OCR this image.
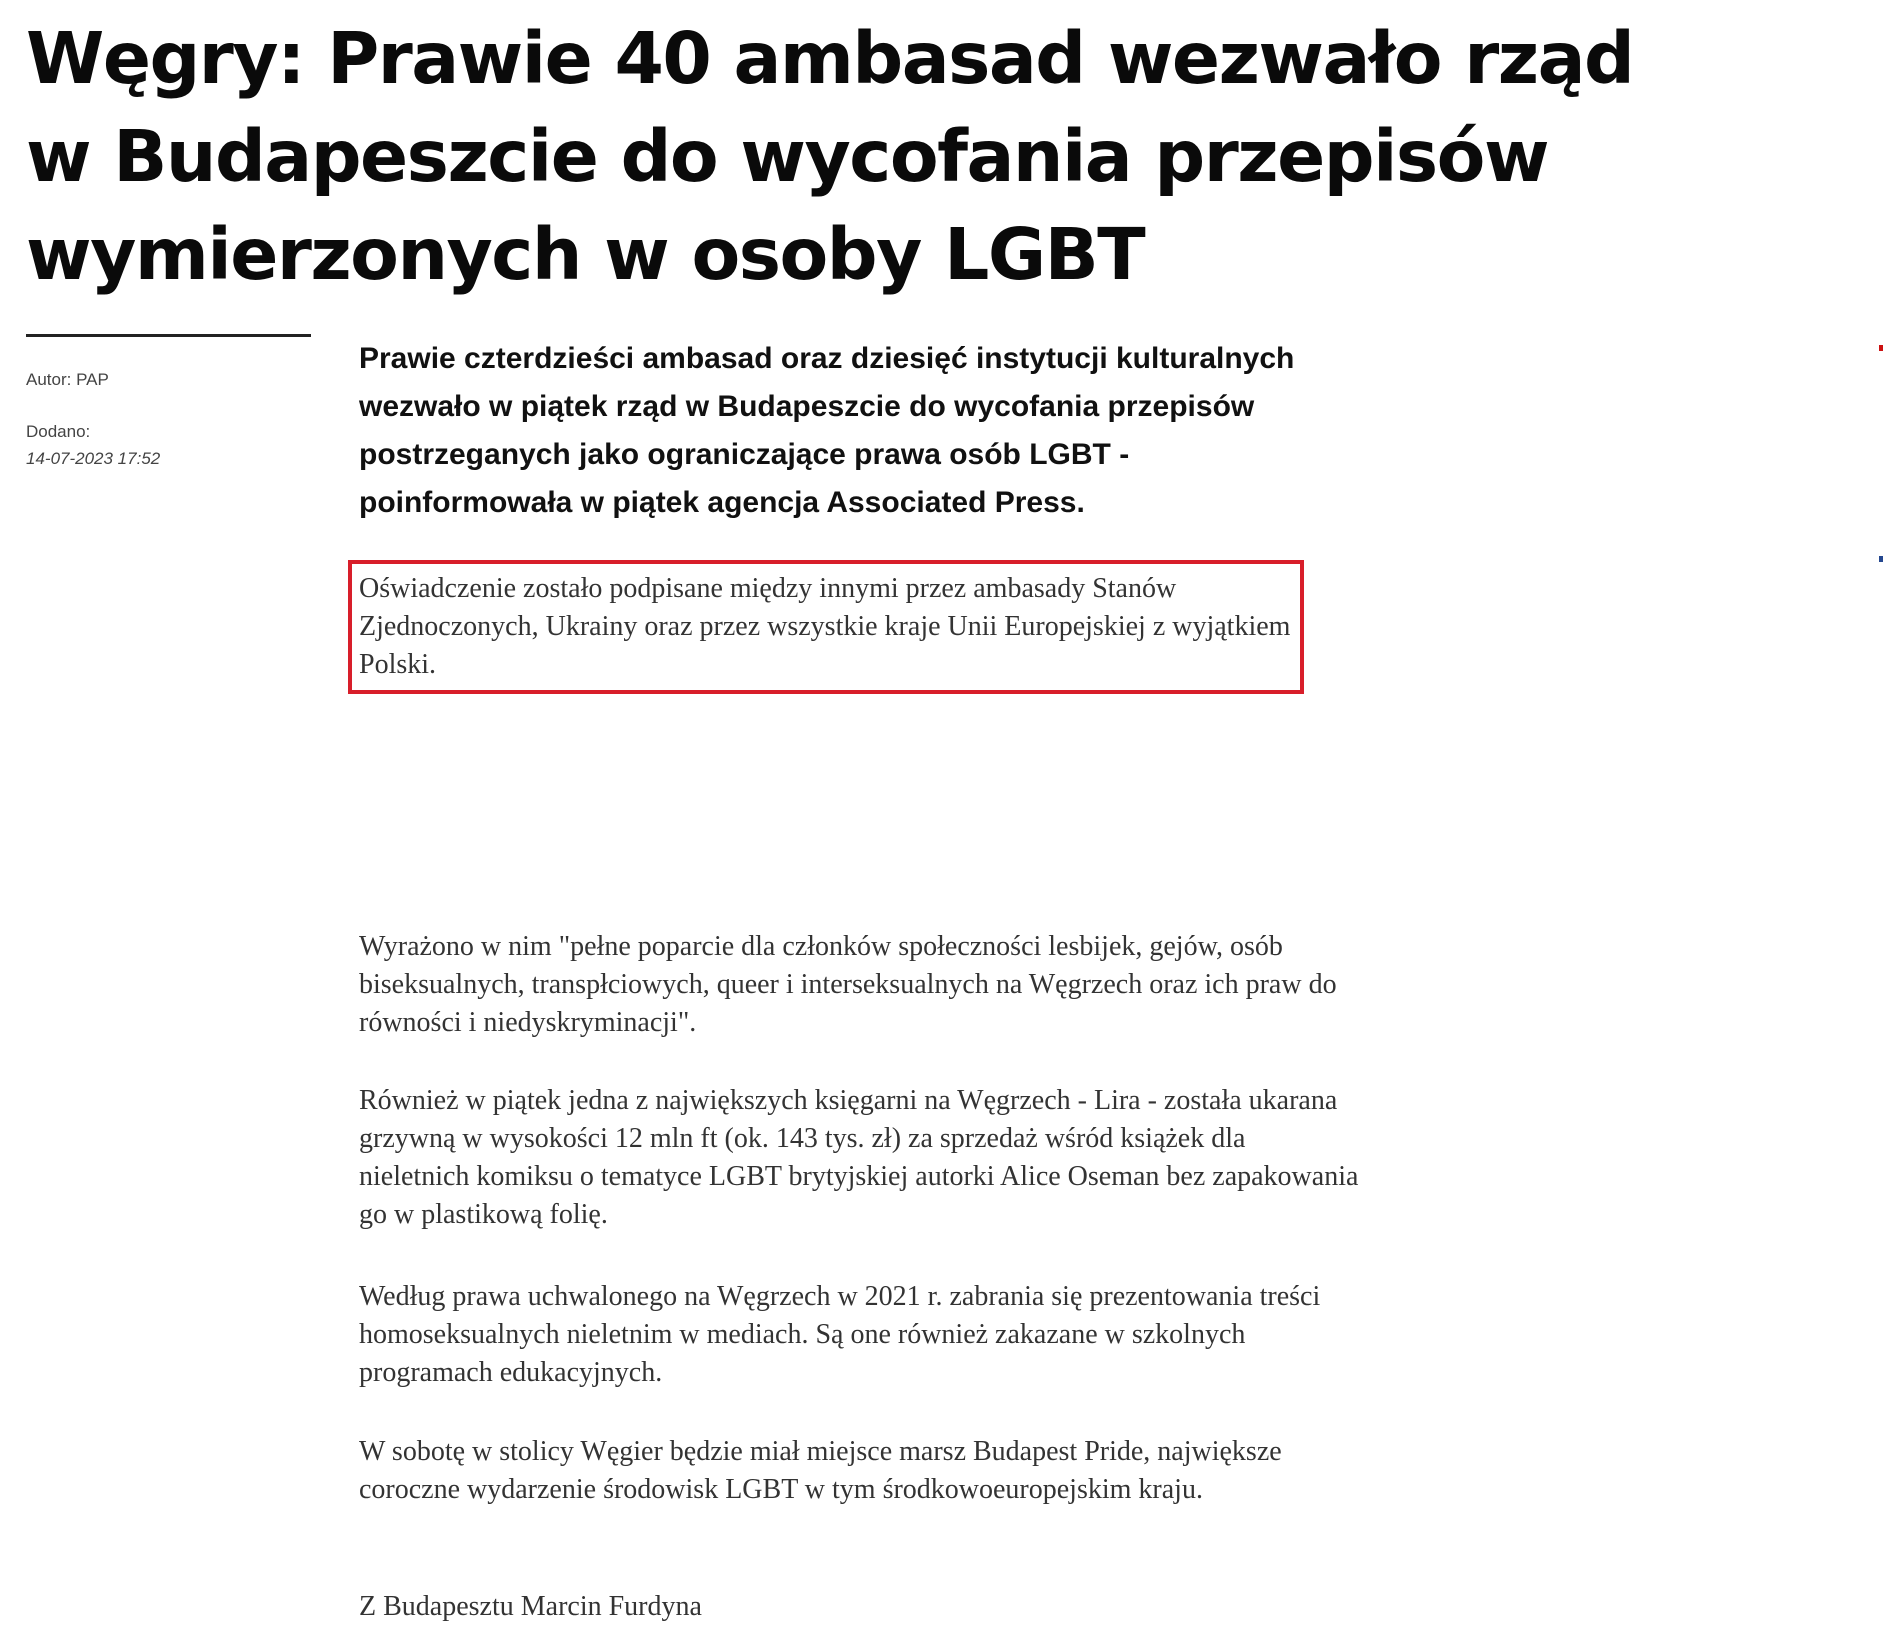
Węgry: Prawie 40 ambasad wezwało rząd w Budapeszcie do wycofania przepisów wymierzonych w osoby LGBT

Autor: PAP

Dodano:

14-07-2023 17:52

Prawie czterdzieści ambasad oraz dziesięć instytucji kulturalnych wezwało w piątek rząd w Budapeszcie do wycofania przepisów postrzeganych jako ograniczające prawa osób LGBT - poinformowała w piątek agencja Associated Press.

Oświadczenie zostało podpisane między innymi przez ambasady Stanów Zjednoczonych, Ukrainy oraz przez wszystkie kraje Unii Europejskiej z wyjątkiem Polski.

Wyrażono w nim "pełne poparcie dla członków społeczności lesbijek, gejów, osób biseksualnych, transpłciowych, queer i interseksualnych na Węgrzech oraz ich praw do równości i niedyskryminacji".

Również w piątek jedna z największych księgarni na Węgrzech - Lira - została ukarana grzywną w wysokości 12 mln ft (ok. 143 tys. zł) za sprzedaż wśród książek dla nieletnich komiksu o tematyce LGBT brytyjskiej autorki Alice Oseman bez zapakowania go w plastikową folię.

Według prawa uchwalonego na Węgrzech w 2021 r. zabrania się prezentowania treści homoseksualnych nieletnim w mediach. Są one również zakazane w szkolnych programach edukacyjnych.

W sobotę w stolicy Węgier będzie miał miejsce marsz Budapest Pride, największe coroczne wydarzenie środowisk LGBT w tym środkowoeuropejskim kraju.

Z Budapesztu Marcin Furdyna
